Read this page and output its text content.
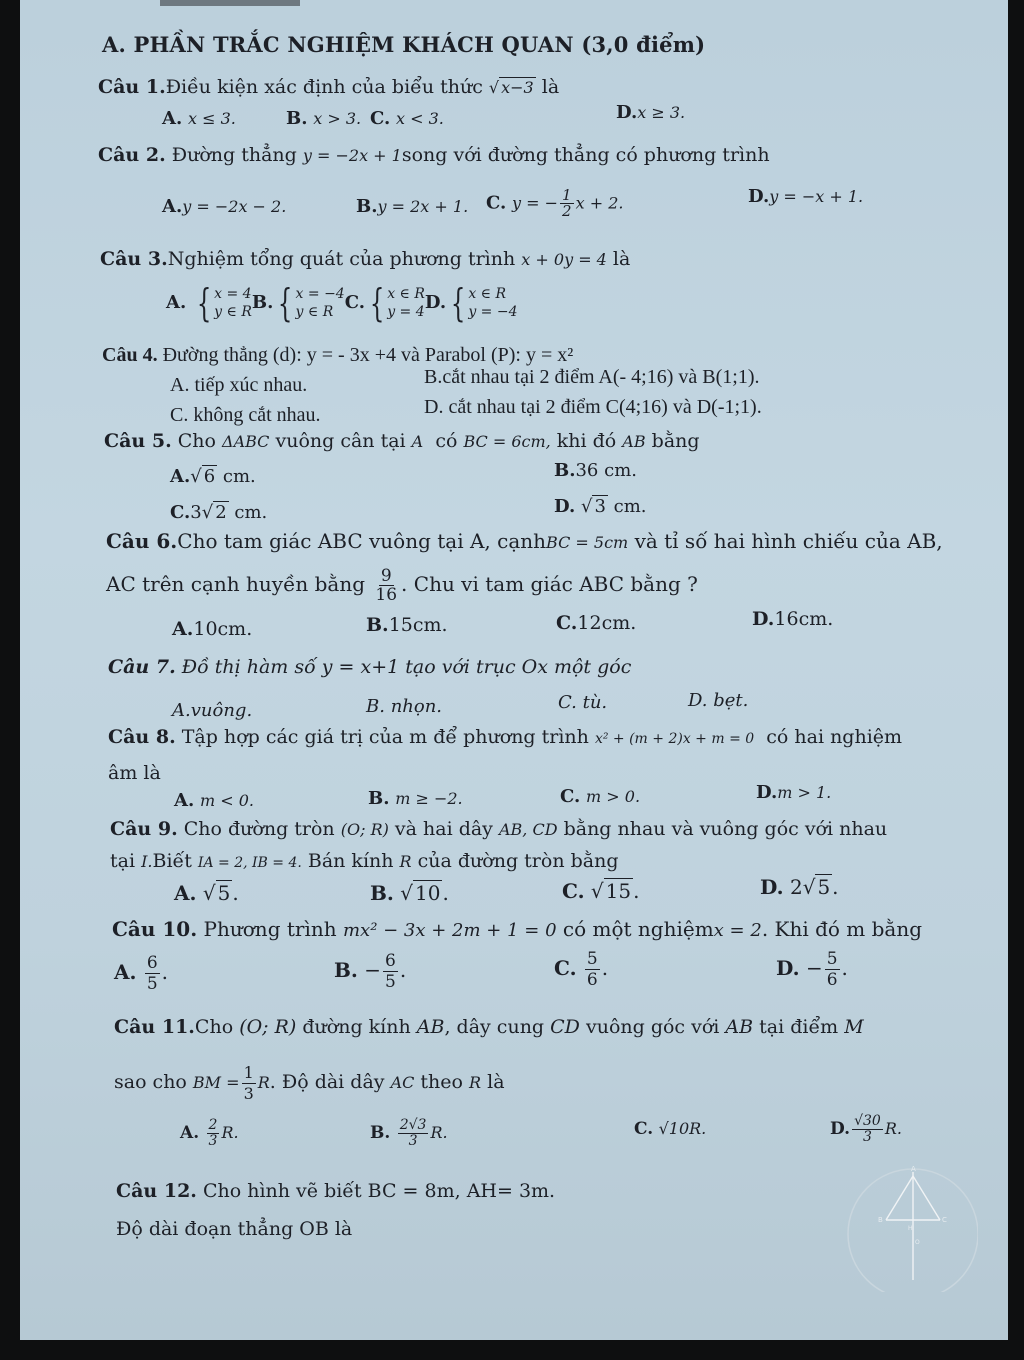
A. PHẦN TRẮC NGHIỆM KHÁCH QUAN (3,0 điểm)
Câu 1.Điều kiện xác định của biểu thức √ x−3 là
A. x ≤ 3.	B. x > 3. C. x < 3.	D.x ≥ 3.
Câu 2. Đường thẳng y = −2x + 1song với đường thẳng có phương trình
A.y = −2x − 2.	B.y = 2x + 1. C. y = − $\frac{1}{2}$ x + 2.	D.y = −x + 1.
Câu 3.Nghiệm tổng quát của phương trình x + 0y = 4 là
A. { x = 4
y ∈ R B. { x = −4
y ∈ R C. { x ∈ R
y = 4 D. { x ∈ R
y = −4
Câu 4. Đường thẳng (d): y = - 3x +4 và Parabol (P): y = x²
A. tiếp xúc nhau.	B.cắt nhau tại 2 điểm A(- 4;16) và B(1;1).
C. không cắt nhau.	D. cắt nhau tại 2 điểm C(4;16) và D(-1;1).
Câu 5. Cho ΔABC vuông cân tại A có BC = 6cm, khi đó AB bằng
A.√ 6 cm.	B.36 cm.
C.3√ 2 cm.	D. √ 3 cm.
Câu 6.Cho tam giác ABC vuông tại A, cạnhBC = 5cm và tỉ số hai hình chiếu của AB,
AC trên cạnh huyền bằng $\frac{9}{16}$ . Chu vi tam giác ABC bằng ?
A.10cm.	B.15cm.	C.12cm.	D.16cm.
Câu 7. Đồ thị hàm số y = x+1 tạo với trục Ox một góc
A.vuông.	B. nhọn.	C. tù.	D. bẹt.
Câu 8. Tập hợp các giá trị của m để phương trình x² + (m + 2)x + m = 0 có hai nghiệm
âm là
A. m < 0.	B. m ≥ −2.	C. m > 0.	D.m > 1.
Câu 9. Cho đường tròn (O; R) và hai dây AB, CD bằng nhau và vuông góc với nhau
tại I.Biết IA = 2, IB = 4. Bán kính R của đường tròn bằng
A. √ 5 .	B. √ 10 .	C. √ 15 .	D. 2√ 5 .
Câu 10. Phương trình mx² − 3x + 2m + 1 = 0 có một nghiệmx = 2. Khi đó m bằng
A. $\frac{6}{5}$ .	B. − $\frac{6}{5}$ .	C. $\frac{5}{6}$ .	D. − $\frac{5}{6}$ .
Câu 11.Cho (O; R) đường kính AB, dây cung CD vuông góc với AB tại điểm M
sao cho BM = $\frac{1}{3} R$. Độ dài dây AC theo R là
A. $\frac{2}{3} R$.	B. $\frac{2√3}{3} R$.	C. √10R.	D. $\frac{√30}{3} R$.
Câu 12. Cho hình vẽ biết BC = 8m, AH= 3m.
Độ dài đoạn thẳng OB là
A
B	C
H
O
